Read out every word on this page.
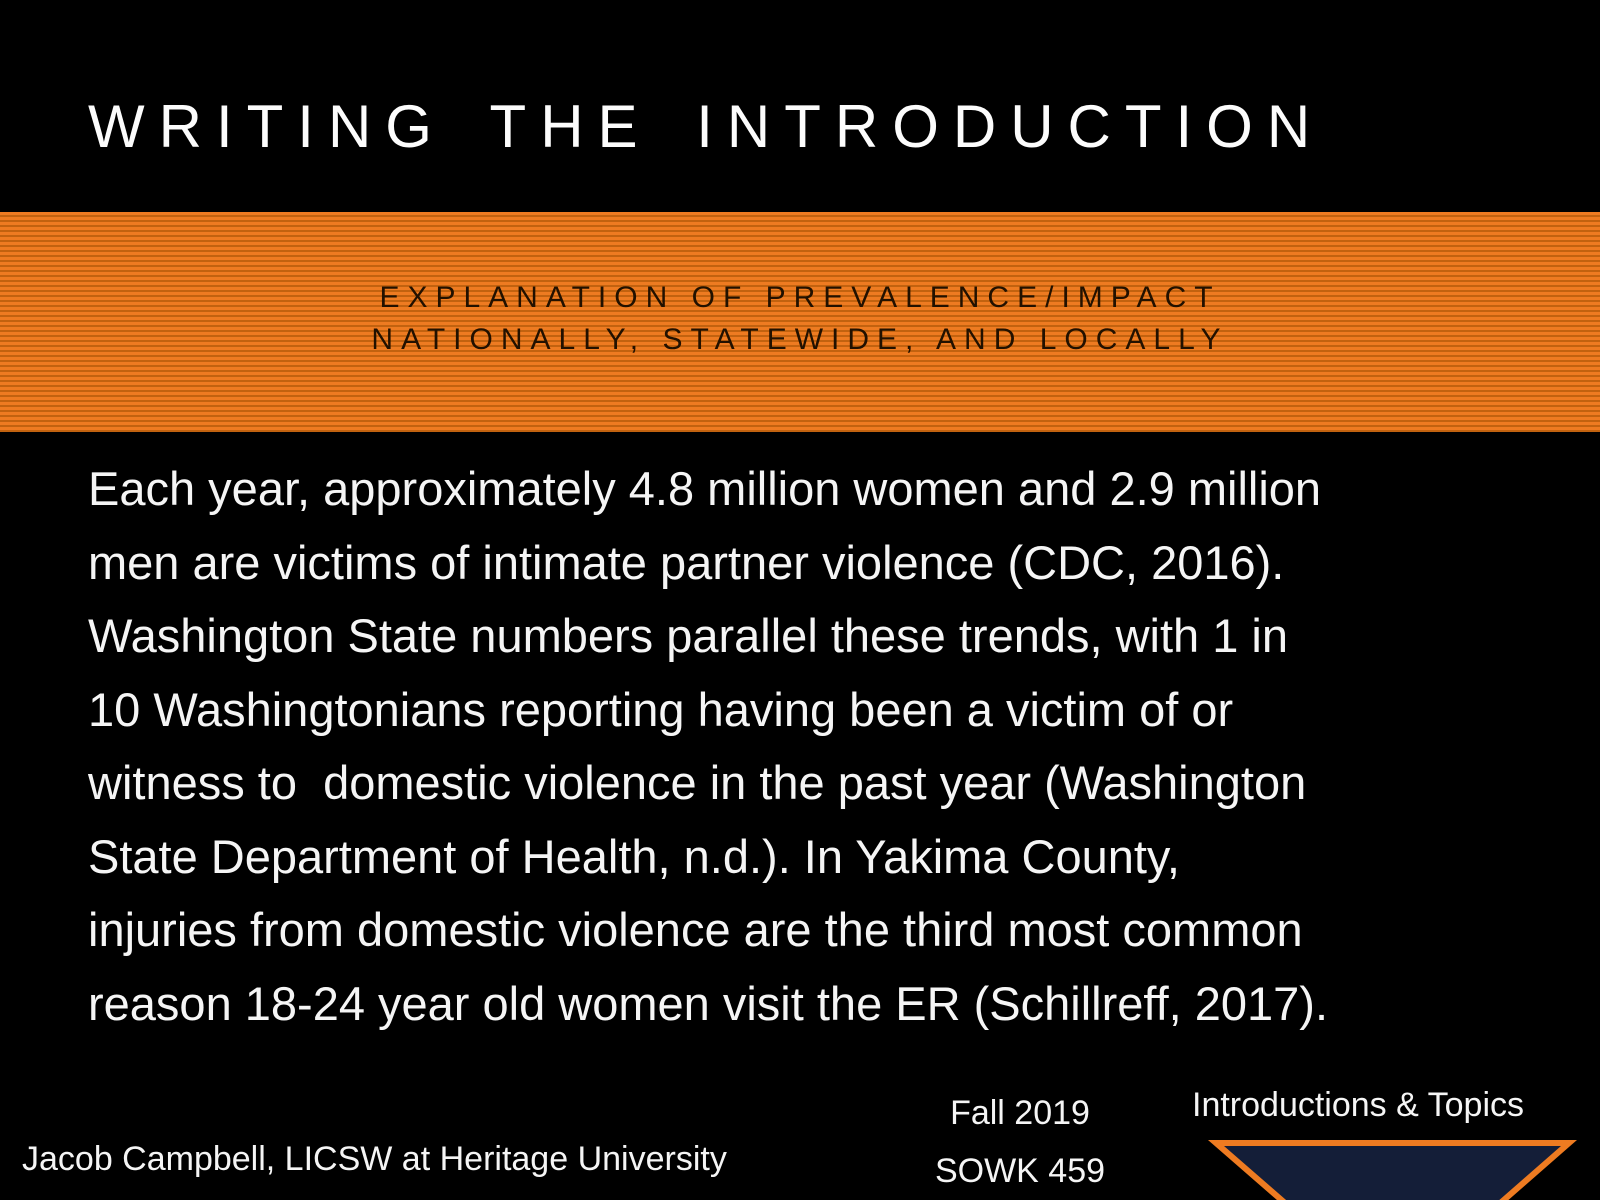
WRITING THE INTRODUCTION
EXPLANATION OF PREVALENCE/IMPACT
NATIONALLY, STATEWIDE, AND LOCALLY
Each year, approximately 4.8 million women and 2.9 million
men are victims of intimate partner violence (CDC, 2016).
Washington State numbers parallel these trends, with 1 in
10 Washingtonians reporting having been a victim of or
witness to  domestic violence in the past year (Washington
State Department of Health, n.d.). In Yakima County,
injuries from domestic violence are the third most common
reason 18-24 year old women visit the ER (Schillreff, 2017).
Jacob Campbell, LICSW at Heritage University
Fall 2019
SOWK 459
Introductions & Topics
